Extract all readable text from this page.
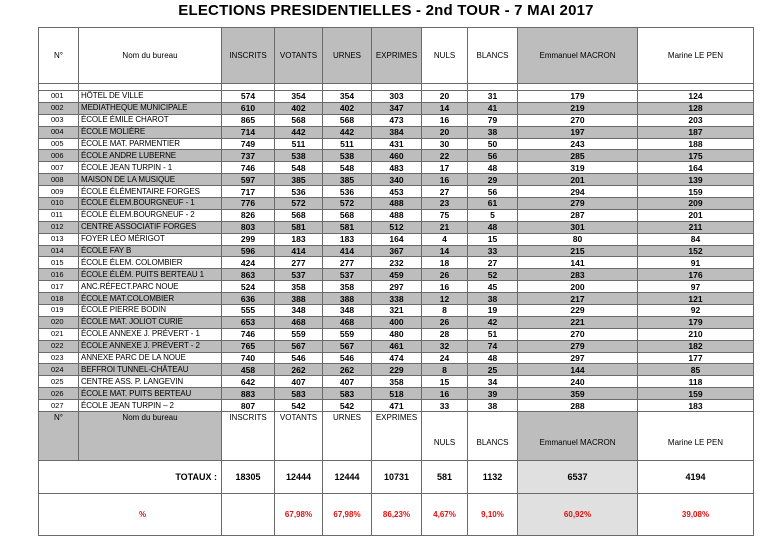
ELECTIONS PRESIDENTIELLES - 2nd TOUR - 7 MAI 2017
N°	Nom du bureau	INSCRITS	VOTANTS	URNES	EXPRIMES	NULS	BLANCS	Emmanuel MACRON	Marine LE PEN

001	HÔTEL DE VILLE	574	354	354	303	20	31	179	124
002	MEDIATHEQUE MUNICIPALE	610	402	402	347	14	41	219	128
003	ÉCOLE ÉMILE CHAROT	865	568	568	473	16	79	270	203
004	ÉCOLE MOLIÈRE	714	442	442	384	20	38	197	187
005	ÉCOLE MAT. PARMENTIER	749	511	511	431	30	50	243	188
006	ÉCOLE ANDRE LUBERNE	737	538	538	460	22	56	285	175
007	ÉCOLE JEAN TURPIN - 1	746	548	548	483	17	48	319	164
008	MAISON DE LA MUSIQUE	597	385	385	340	16	29	201	139
009	ÉCOLE ÉLÉMENTAIRE FORGES	717	536	536	453	27	56	294	159
010	ÉCOLE ÉLEM.BOURGNEUF - 1	776	572	572	488	23	61	279	209
011	ÉCOLE ÉLEM.BOURGNEUF - 2	826	568	568	488	75	5	287	201
012	CENTRE ASSOCIATIF FORGES	803	581	581	512	21	48	301	211
013	FOYER LÉO MÉRIGOT	299	183	183	164	4	15	80	84
014	ÉCOLE FAY B	596	414	414	367	14	33	215	152
015	ÉCOLE ÉLEM. COLOMBIER	424	277	277	232	18	27	141	91
016	ÉCOLE ÉLÉM. PUITS BERTEAU 1	863	537	537	459	26	52	283	176
017	ANC.RÉFECT.PARC NOUE	524	358	358	297	16	45	200	97
018	ÉCOLE MAT.COLOMBIER	636	388	388	338	12	38	217	121
019	ÉCOLE PIERRE BODIN	555	348	348	321	8	19	229	92
020	ÉCOLE MAT. JOLIOT CURIE	653	468	468	400	26	42	221	179
021	ÉCOLE ANNEXE J. PRÉVERT - 1	746	559	559	480	28	51	270	210
022	ÉCOLE ANNEXE J. PRÉVERT - 2	765	567	567	461	32	74	279	182
023	ANNEXE PARC DE LA NOUE	740	546	546	474	24	48	297	177
024	BEFFROI TUNNEL-CHÂTEAU	458	262	262	229	8	25	144	85
025	CENTRE ASS. P. LANGEVIN	642	407	407	358	15	34	240	118
026	ÉCOLE MAT. PUITS BERTEAU	883	583	583	518	16	39	359	159
027	ÉCOLE JEAN TURPIN – 2	807	542	542	471	33	38	288	183
N°	Nom du bureau	INSCRITS	VOTANTS	URNES	EXPRIMES	NULS	BLANCS	Emmanuel MACRON	Marine LE PEN
TOTAUX :		18305	12444	12444	10731	581	1132	6537	4194
%			67,98%	67,98%	86,23%	4,67%	9,10%	60,92%	39,08%
